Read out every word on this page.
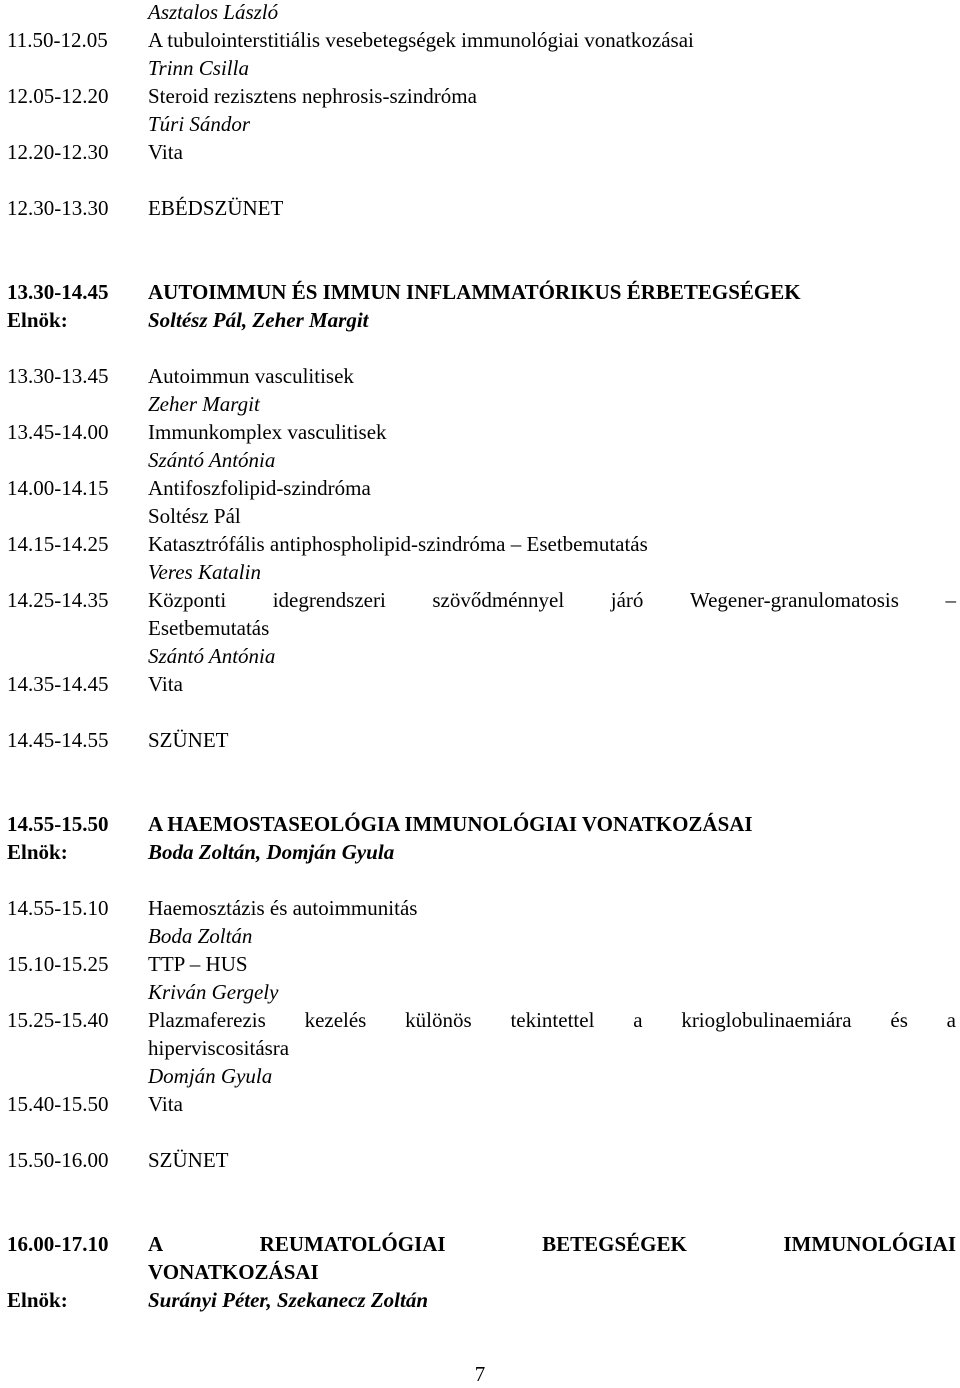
Asztalos László
11.50-12.05 A tubulointerstitiális vesebetegségek immunológiai vonatkozásai
Trinn Csilla
12.05-12.20 Steroid rezisztens nephrosis-szindróma
Túri Sándor
12.20-12.30 Vita
12.30-13.30 EBÉDSZÜNET
13.30-14.45 AUTOIMMUN ÉS IMMUN INFLAMMATÓRIKUS ÉRBETEGSÉGEK
Elnök:	Soltész Pál, Zeher Margit
13.30-13.45 Autoimmun vasculitisek
Zeher Margit
13.45-14.00 Immunkomplex vasculitisek
Szántó Antónia
14.00-14.15 Antifoszfolipid-szindróma
Soltész Pál
14.15-14.25 Katasztrófális antiphospholipid-szindróma – Esetbemutatás
Veres Katalin
14.25-14.35 Központi idegrendszeri szövődménnyel járó Wegener-granulomatosis –
Esetbemutatás
Szántó Antónia
14.35-14.45 Vita
14.45-14.55 SZÜNET
14.55-15.50 A HAEMOSTASEOLÓGIA IMMUNOLÓGIAI VONATKOZÁSAI
Elnök:	Boda Zoltán, Domján Gyula
14.55-15.10 Haemosztázis és autoimmunitás
Boda Zoltán
15.10-15.25 TTP – HUS
Kriván Gergely
15.25-15.40 Plazmaferezis kezelés különös tekintettel a krioglobulinaemiára és a
hiperviscositásra
Domján Gyula
15.40-15.50 Vita
15.50-16.00 SZÜNET
16.00-17.10 A	REUMATOLÓGIAI	BETEGSÉGEK	IMMUNOLÓGIAI
VONATKOZÁSAI
Elnök:	Surányi Péter, Szekanecz Zoltán
7
